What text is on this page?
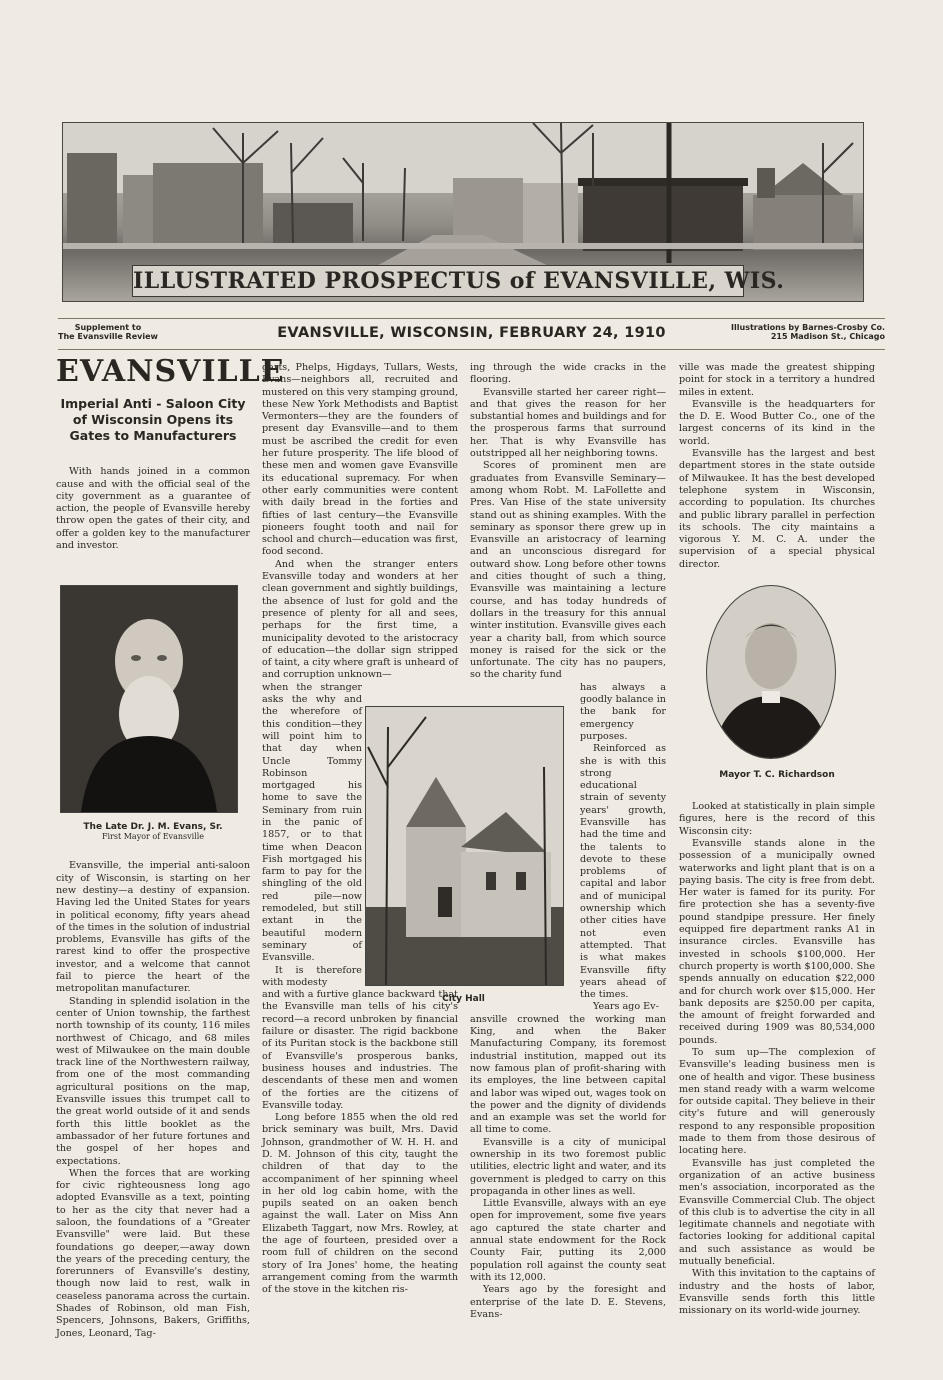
ILLUSTRATED PROSPECTUS of EVANSVILLE, WIS.
Supplement to
The Evansville Review	EVANSVILLE, WISCONSIN, FEBRUARY 24, 1910	Illustrations by Barnes-Crosby Co.
215 Madison St., Chicago
EVANSVILLE
Imperial Anti - Saloon City of Wisconsin Opens its Gates to Manufacturers

With hands joined in a common cause and with the official seal of the city government as a guarantee of action, the people of Evansville hereby throw open the gates of their city, and offer a golden key to the manufacturer and investor.

Evansville, the imperial anti-saloon city of Wisconsin, is starting on her new destiny—a destiny of expansion. Having led the United States for years in political economy, fifty years ahead of the times in the solution of industrial problems, Evansville has gifts of the rarest kind to offer the prospective investor, and a welcome that cannot fail to pierce the heart of the metropolitan manufacturer.

Standing in splendid isolation in the center of Union township, the farthest north township of its county, 116 miles northwest of Chicago, and 68 miles west of Milwaukee on the main double track line of the Northwestern railway, from one of the most commanding agricultural positions on the map, Evansville issues this trumpet call to the great world outside of it and sends forth this little booklet as the ambassador of her future fortunes and the gospel of her hopes and expectations.

When the forces that are working for civic righteousness long ago adopted Evansville as a text, pointing to her as the city that never had a saloon, the foundations of a "Greater Evansville" were laid. But these foundations go deeper,—away down the years of the preceding century, the forerunners of Evansville's destiny, though now laid to rest, walk in ceaseless panorama across the curtain. Shades of Robinson, old man Fish, Spencers, Johnsons, Bakers, Griffiths, Jones, Leonard, Tag-

The Late Dr. J. M. Evans, Sr.
First Mayor of Evansville

garts, Phelps, Higdays, Tullars, Wests, Evans—neighbors all, recruited and mustered on this very stamping ground, these New York Methodists and Baptist Vermonters—they are the founders of present day Evansville—and to them must be ascribed the credit for even her future prosperity. The life blood of these men and women gave Evansville its educational supremacy. For when other early communities were content with daily bread in the forties and fifties of last century—the Evansville pioneers fought tooth and nail for school and church—education was first, food second.

And when the stranger enters Evansville today and wonders at her clean government and sightly buildings, the absence of lust for gold and the presence of plenty for all and sees, perhaps for the first time, a municipality devoted to the aristocracy of education—the dollar sign stripped of taint, a city where graft is unheard of and corruption unknown—

when the stranger asks the why and the wherefore of this condition—they will point him to that day when Uncle Tommy Robinson mortgaged his home to save the Seminary from ruin in the panic of 1857, or to that time when Deacon Fish mortgaged his farm to pay for the shingling of the old red pile—now remodeled, but still extant in the beautiful modern seminary of Evansville.

It is therefore with modesty

and with a furtive glance backward that the Evansville man tells of his city's record—a record unbroken by financial failure or disaster. The rigid backbone of its Puritan stock is the backbone still of Evansville's prosperous banks, business houses and industries. The descendants of these men and women of the forties are the citizens of Evansville today.

Long before 1855 when the old red brick seminary was built, Mrs. David Johnson, grandmother of W. H. H. and D. M. Johnson of this city, taught the children of that day to the accompaniment of her spinning wheel in her old log cabin home, with the pupils seated on an oaken bench against the wall. Later on Miss Ann Elizabeth Taggart, now Mrs. Rowley, at the age of fourteen, presided over a room full of children on the second story of Ira Jones' home, the heating arrangement coming from the warmth of the stove in the kitchen ris-

City Hall

ing through the wide cracks in the flooring.

Evansville started her career right—and that gives the reason for her substantial homes and buildings and for the prosperous farms that surround her. That is why Evansville has outstripped all her neighboring towns.

Scores of prominent men are graduates from Evansville Seminary—among whom Robt. M. LaFollette and Pres. Van Hise of the state university stand out as shining examples. With the seminary as sponsor there grew up in Evansville an aristocracy of learning and an unconscious disregard for outward show. Long before other towns and cities thought of such a thing, Evansville was maintaining a lecture course, and has today hundreds of dollars in the treasury for this annual winter institution. Evansville gives each year a charity ball, from which source money is raised for the sick or the unfortunate. The city has no paupers, so the charity fund

has always a goodly balance in the bank for emergency purposes.

Reinforced as she is with this strong educational strain of seventy years' growth, Evansville has had the time and the talents to devote to these problems of capital and labor and of municipal ownership which other cities have not even attempted. That is what makes Evansville fifty years ahead of the times.

Years ago Ev-

ansville crowned the working man King, and when the Baker Manufacturing Company, its foremost industrial institution, mapped out its now famous plan of profit-sharing with its employes, the line between capital and labor was wiped out, wages took on the power and the dignity of dividends and an example was set the world for all time to come.

Evansville is a city of municipal ownership in its two foremost public utilities, electric light and water, and its government is pledged to carry on this propaganda in other lines as well.

Little Evansville, always with an eye open for improvement, some five years ago captured the state charter and annual state endowment for the Rock County Fair, putting its 2,000 population roll against the county seat with its 12,000.

Years ago by the foresight and enterprise of the late D. E. Stevens, Evans-

ville was made the greatest shipping point for stock in a territory a hundred miles in extent.

Evansville is the headquarters for the D. E. Wood Butter Co., one of the largest concerns of its kind in the world.

Evansville has the largest and best department stores in the state outside of Milwaukee. It has the best developed telephone system in Wisconsin, according to population. Its churches and public library parallel in perfection its schools. The city maintains a vigorous Y. M. C. A. under the supervision of a special physical director.

Looked at statistically in plain simple figures, here is the record of this Wisconsin city:

Evansville stands alone in the possession of a municipally owned waterworks and light plant that is on a paying basis. The city is free from debt. Her water is famed for its purity. For fire protection she has a seventy-five pound standpipe pressure. Her finely equipped fire department ranks A1 in insurance circles. Evansville has invested in schools $100,000. Her church property is worth $100,000. She spends annually on education $22,000 and for church work over $15,000. Her bank deposits are $250.00 per capita, the amount of freight forwarded and received during 1909 was 80,534,000 pounds.

To sum up—The complexion of Evansville's leading business men is one of health and vigor. These business men stand ready with a warm welcome for outside capital. They believe in their city's future and will generously respond to any responsible proposition made to them from those desirous of locating here.

Evansville has just completed the organization of an active business men's association, incorporated as the Evansville Commercial Club. The object of this club is to advertise the city in all legitimate channels and negotiate with factories looking for additional capital and such assistance as would be mutually beneficial.

With this invitation to the captains of industry and the hosts of labor, Evansville sends forth this little missionary on its world-wide journey.

Mayor T. C. Richardson
